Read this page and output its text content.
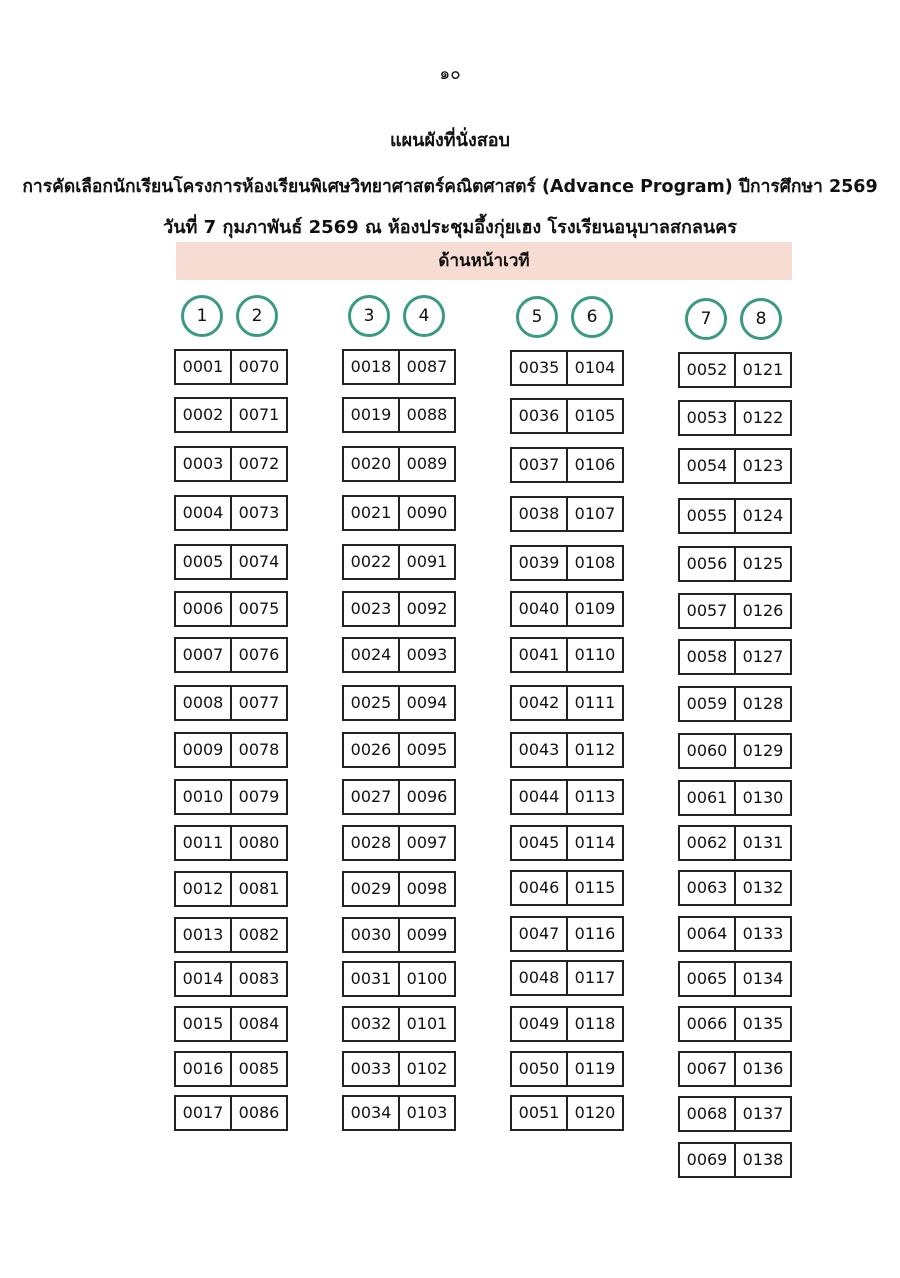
๑๐
แผนผังที่นั่งสอบ
การคัดเลือกนักเรียนโครงการห้องเรียนพิเศษวิทยาศาสตร์คณิตศาสตร์ (Advance Program) ปีการศึกษา 2569
วันที่ 7 กุมภาพันธ์ 2569 ณ ห้องประชุมอึ้งกุ่ยเฮง โรงเรียนอนุบาลสกลนคร
ด้านหน้าเวที
1	2	3	4	5	6	7	8
0001 0070
0002 0071
0003 0072
0004 0073
0005 0074
0006 0075
0007 0076
0008 0077
0009 0078
0010 0079
0011 0080
0012 0081
0013 0082
0014 0083
0015 0084
0016 0085
0017 0086
0018 0087
0019 0088
0020 0089
0021 0090
0022 0091
0023 0092
0024 0093
0025 0094
0026 0095
0027 0096
0028 0097
0029 0098
0030 0099
0031 0100
0032 0101
0033 0102
0034 0103
0035 0104
0036 0105
0037 0106
0038 0107
0039 0108
0040 0109
0041 0110
0042 0111
0043 0112
0044 0113
0045 0114
0046 0115
0047 0116
0048 0117
0049 0118
0050 0119
0051 0120
0052 0121
0053 0122
0054 0123
0055 0124
0056 0125
0057 0126
0058 0127
0059 0128
0060 0129
0061 0130
0062 0131
0063 0132
0064 0133
0065 0134
0066 0135
0067 0136
0068 0137
0069 0138
